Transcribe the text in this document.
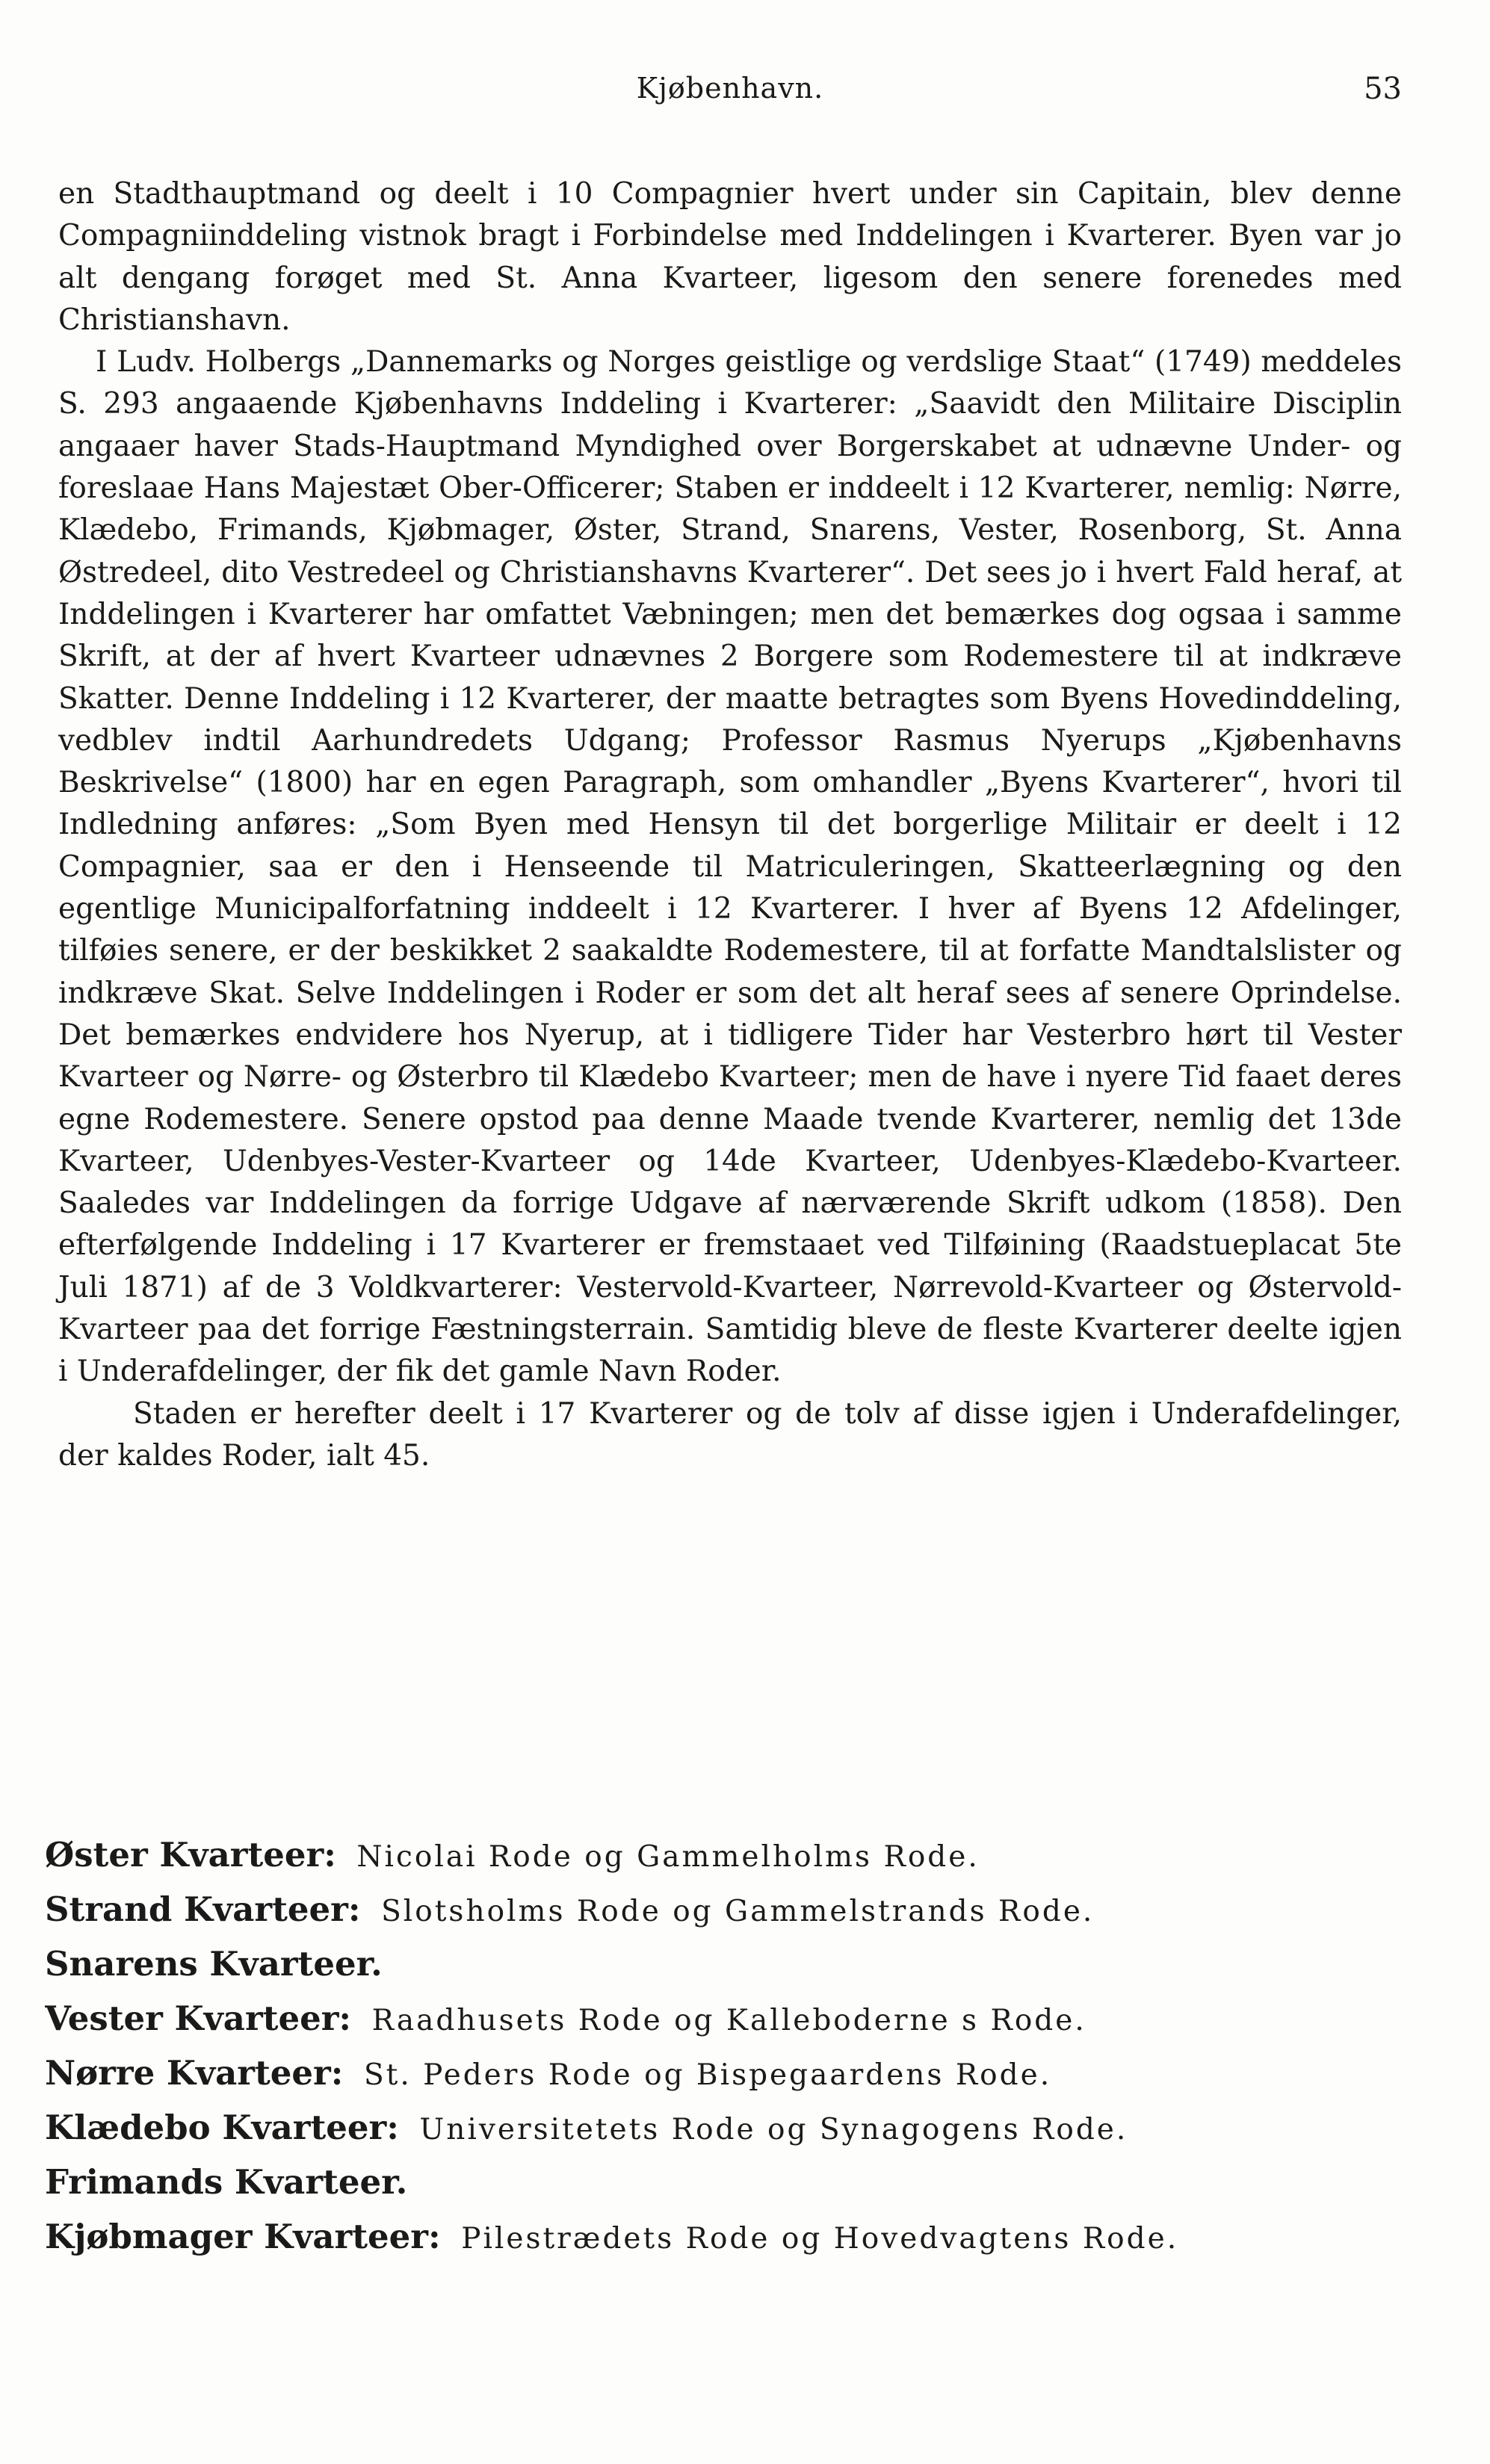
Kjøbenhavn.	53

en Stadthauptmand og deelt i 10 Compagnier hvert under sin Capitain, blev denne Compagniinddeling vistnok bragt i Forbindelse med Inddelingen i Kvarterer. Byen var jo alt dengang forøget med St. Anna Kvarteer, ligesom den senere forenedes med Christianshavn.

I Ludv. Holbergs „Dannemarks og Norges geistlige og verdslige Staat“ (1749) meddeles S. 293 angaaende Kjøbenhavns Inddeling i Kvarterer: „Saavidt den Militaire Disciplin angaaer haver Stads-Hauptmand Myndighed over Borgerskabet at udnævne Under- og foreslaae Hans Majestæt Ober-Officerer; Staben er inddeelt i 12 Kvarterer, nemlig: Nørre, Klædebo, Frimands, Kjøbmager, Øster, Strand, Snarens, Vester, Rosenborg, St. Anna Østredeel, dito Vestredeel og Christianshavns Kvarterer“. Det sees jo i hvert Fald heraf, at Inddelingen i Kvarterer har omfattet Væbningen; men det bemærkes dog ogsaa i samme Skrift, at der af hvert Kvarteer udnævnes 2 Borgere som Rodemestere til at indkræve Skatter. Denne Inddeling i 12 Kvarterer, der maatte betragtes som Byens Hovedinddeling, vedblev indtil Aarhundredets Udgang; Professor Rasmus Nyerups „Kjøbenhavns Beskrivelse“ (1800) har en egen Paragraph, som omhandler „Byens Kvarterer“, hvori til Indledning anføres: „Som Byen med Hensyn til det borgerlige Militair er deelt i 12 Compagnier, saa er den i Henseende til Matriculeringen, Skatteerlægning og den egentlige Municipalforfatning inddeelt i 12 Kvarterer. I hver af Byens 12 Afdelinger, tilføies senere, er der beskikket 2 saakaldte Rodemestere, til at forfatte Mandtalslister og indkræve Skat. Selve Inddelingen i Roder er som det alt heraf sees af senere Oprindelse. Det bemærkes endvidere hos Nyerup, at i tidligere Tider har Vesterbro hørt til Vester Kvarteer og Nørre- og Østerbro til Klædebo Kvarteer; men de have i nyere Tid faaet deres egne Rodemestere. Senere opstod paa denne Maade tvende Kvarterer, nemlig det 13de Kvarteer, Udenbyes-Vester-Kvarteer og 14de Kvarteer, Udenbyes-Klædebo-Kvarteer. Saaledes var Inddelingen da forrige Udgave af nærværende Skrift udkom (1858). Den efterfølgende Inddeling i 17 Kvarterer er fremstaaet ved Tilføining (Raadstueplacat 5te Juli 1871) af de 3 Voldkvarterer: Vestervold-Kvarteer, Nørrevold-Kvarteer og Østervold-Kvarteer paa det forrige Fæstningsterrain. Samtidig bleve de fleste Kvarterer deelte igjen i Underafdelinger, der fik det gamle Navn Roder.

Staden er herefter deelt i 17 Kvarterer og de tolv af disse igjen i Underafdelinger, der kaldes Roder, ialt 45.

Øster Kvarteer:  Nicolai Rode og Gammelholms Rode.
Strand Kvarteer:  Slotsholms Rode og Gammelstrands Rode.
Snarens Kvarteer.
Vester Kvarteer:  Raadhusets Rode og Kalleboderne s Rode.
Nørre Kvarteer:  St. Peders Rode og Bispegaardens Rode.
Klædebo Kvarteer:  Universitetets Rode og Synagogens Rode.
Frimands Kvarteer.
Kjøbmager Kvarteer:  Pilestrædets Rode og Hovedvagtens Rode.
